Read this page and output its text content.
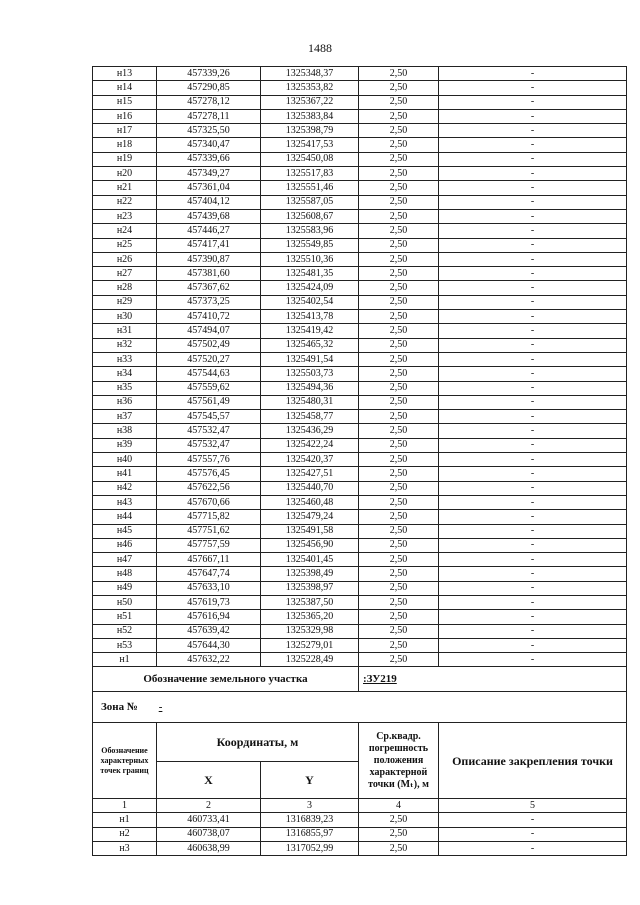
1488
н13	457339,26	1325348,37	2,50	-
н14	457290,85	1325353,82	2,50	-
н15	457278,12	1325367,22	2,50	-
н16	457278,11	1325383,84	2,50	-
н17	457325,50	1325398,79	2,50	-
н18	457340,47	1325417,53	2,50	-
н19	457339,66	1325450,08	2,50	-
н20	457349,27	1325517,83	2,50	-
н21	457361,04	1325551,46	2,50	-
н22	457404,12	1325587,05	2,50	-
н23	457439,68	1325608,67	2,50	-
н24	457446,27	1325583,96	2,50	-
н25	457417,41	1325549,85	2,50	-
н26	457390,87	1325510,36	2,50	-
н27	457381,60	1325481,35	2,50	-
н28	457367,62	1325424,09	2,50	-
н29	457373,25	1325402,54	2,50	-
н30	457410,72	1325413,78	2,50	-
н31	457494,07	1325419,42	2,50	-
н32	457502,49	1325465,32	2,50	-
н33	457520,27	1325491,54	2,50	-
н34	457544,63	1325503,73	2,50	-
н35	457559,62	1325494,36	2,50	-
н36	457561,49	1325480,31	2,50	-
н37	457545,57	1325458,77	2,50	-
н38	457532,47	1325436,29	2,50	-
н39	457532,47	1325422,24	2,50	-
н40	457557,76	1325420,37	2,50	-
н41	457576,45	1325427,51	2,50	-
н42	457622,56	1325440,70	2,50	-
н43	457670,66	1325460,48	2,50	-
н44	457715,82	1325479,24	2,50	-
н45	457751,62	1325491,58	2,50	-
н46	457757,59	1325456,90	2,50	-
н47	457667,11	1325401,45	2,50	-
н48	457647,74	1325398,49	2,50	-
н49	457633,10	1325398,97	2,50	-
н50	457619,73	1325387,50	2,50	-
н51	457616,94	1325365,20	2,50	-
н52	457639,42	1325329,98	2,50	-
н53	457644,30	1325279,01	2,50	-
н1	457632,22	1325228,49	2,50	-
Обозначение земельного участка			:ЗУ219	
Зона № -				
Обозначение характерных точек границ	Координаты, м		Ср.квадр. погрешность положения характерной точки (Mₜ), м	Описание закрепления точки
	X	Y		
1	2	3	4	5
н1	460733,41	1316839,23	2,50	-
н2	460738,07	1316855,97	2,50	-
н3	460638,99	1317052,99	2,50	-
